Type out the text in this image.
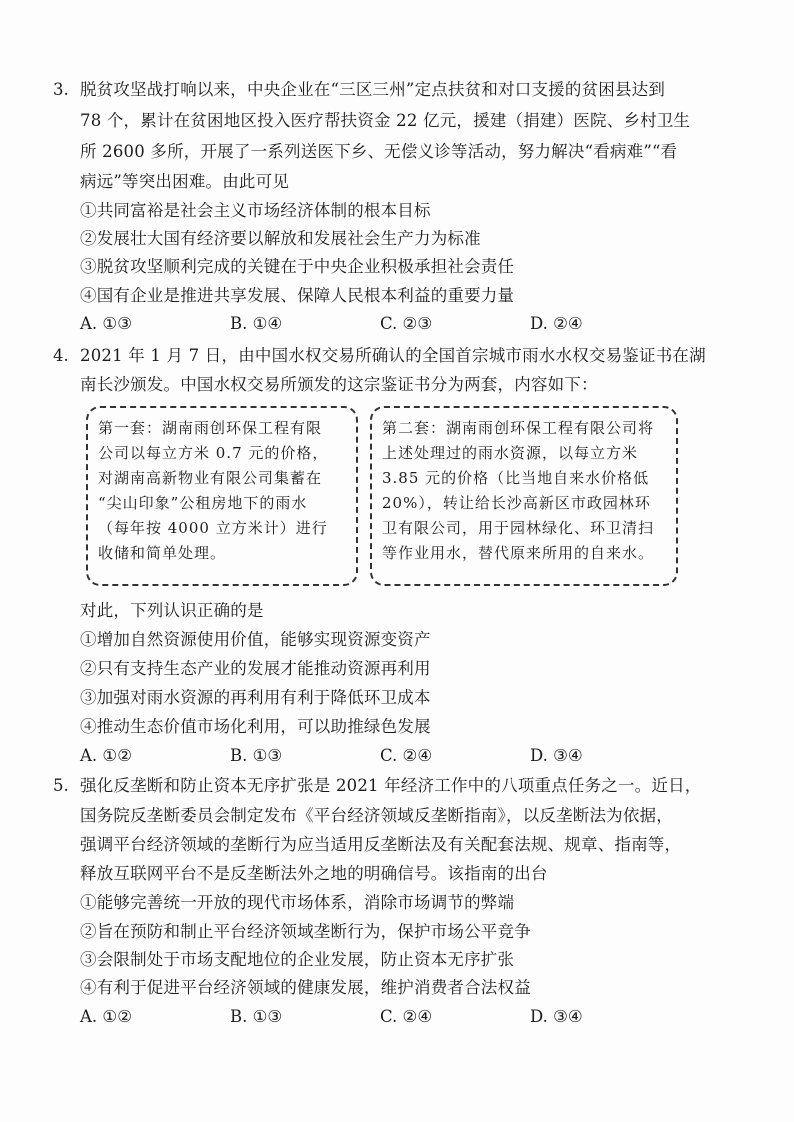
3. 脱贫攻坚战打响以来，中央企业在“三区三州”定点扶贫和对口支援的贫困县达到
78 个，累计在贫困地区投入医疗帮扶资金 22 亿元，援建（捐建）医院、乡村卫生
所 2600 多所，开展了一系列送医下乡、无偿义诊等活动，努力解决“看病难”“看
病远”等突出困难。由此可见
①共同富裕是社会主义市场经济体制的根本目标
②发展壮大国有经济要以解放和发展社会生产力为标准
③脱贫攻坚顺利完成的关键在于中央企业积极承担社会责任
④国有企业是推进共享发展、保障人民根本利益的重要力量
A. ①③	B. ①④	C. ②③	D. ②④
4. 2021 年 1 月 7 日，由中国水权交易所确认的全国首宗城市雨水水权交易鉴证书在湖
南长沙颁发。中国水权交易所颁发的这宗鉴证书分为两套，内容如下：
第一套：湖南雨创环保工程有限
公司以每立方米 0.7 元的价格，
对湖南高新物业有限公司集蓄在
“尖山印象”公租房地下的雨水
（每年按 4000 立方米计）进行
收储和简单处理。
第二套：湖南雨创环保工程有限公司将
上述处理过的雨水资源，以每立方米
3.85 元的价格（比当地自来水价格低
20%），转让给长沙高新区市政园林环
卫有限公司，用于园林绿化、环卫清扫
等作业用水，替代原来所用的自来水。
对此，下列认识正确的是
①增加自然资源使用价值，能够实现资源变资产
②只有支持生态产业的发展才能推动资源再利用
③加强对雨水资源的再利用有利于降低环卫成本
④推动生态价值市场化利用，可以助推绿色发展
A. ①②	B. ①③	C. ②④	D. ③④
5. 强化反垄断和防止资本无序扩张是 2021 年经济工作中的八项重点任务之一。近日，
国务院反垄断委员会制定发布《平台经济领域反垄断指南》，以反垄断法为依据，
强调平台经济领域的垄断行为应当适用反垄断法及有关配套法规、规章、指南等，
释放互联网平台不是反垄断法外之地的明确信号。该指南的出台
①能够完善统一开放的现代市场体系，消除市场调节的弊端
②旨在预防和制止平台经济领域垄断行为，保护市场公平竞争
③会限制处于市场支配地位的企业发展，防止资本无序扩张
④有利于促进平台经济领域的健康发展，维护消费者合法权益
A. ①②	B. ①③	C. ②④	D. ③④
